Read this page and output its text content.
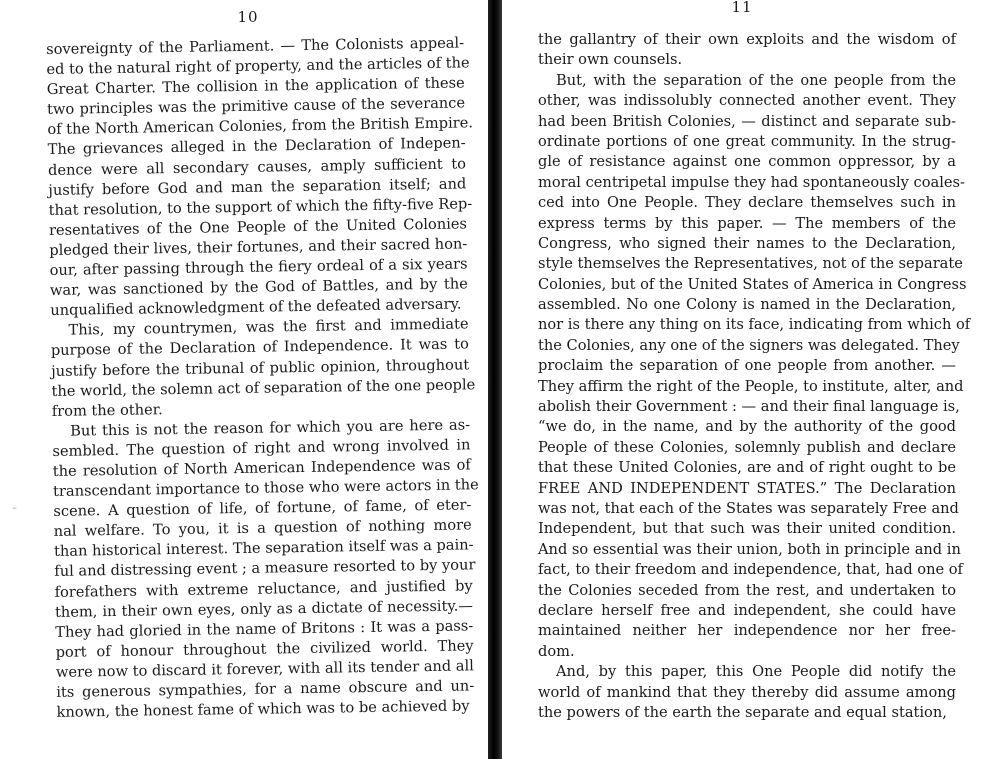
10
sovereignty of the Parliament. — The Colonists appeal-
ed to the natural right of property, and the articles of the
Great Charter. The collision in the application of these
two principles was the primitive cause of the severance
of the North American Colonies, from the British Empire.
The grievances alleged in the Declaration of Indepen-
dence were all secondary causes, amply sufficient to
justify before God and man the separation itself; and
that resolution, to the support of which the fifty-five Rep-
resentatives of the One People of the United Colonies
pledged their lives, their fortunes, and their sacred hon-
our, after passing through the fiery ordeal of a six years
war, was sanctioned by the God of Battles, and by the
unqualified acknowledgment of the defeated adversary.
This, my countrymen, was the first and immediate
purpose of the Declaration of Independence. It was to
justify before the tribunal of public opinion, throughout
the world, the solemn act of separation of the one people
from the other.
But this is not the reason for which you are here as-
sembled. The question of right and wrong involved in
the resolution of North American Independence was of
transcendant importance to those who were actors in the
scene. A question of life, of fortune, of fame, of eter-
nal welfare. To you, it is a question of nothing more
than historical interest. The separation itself was a pain-
ful and distressing event ; a measure resorted to by your
forefathers with extreme reluctance, and justified by
them, in their own eyes, only as a dictate of necessity.—
They had gloried in the name of Britons : It was a pass-
port of honour throughout the civilized world. They
were now to discard it forever, with all its tender and all
its generous sympathies, for a name obscure and un-
known, the honest fame of which was to be achieved by
11
the gallantry of their own exploits and the wisdom of
their own counsels.
But, with the separation of the one people from the
other, was indissolubly connected another event. They
had been British Colonies, — distinct and separate sub-
ordinate portions of one great community. In the strug-
gle of resistance against one common oppressor, by a
moral centripetal impulse they had spontaneously coales-
ced into One People. They declare themselves such in
express terms by this paper. — The members of the
Congress, who signed their names to the Declaration,
style themselves the Representatives, not of the separate
Colonies, but of the United States of America in Congress
assembled. No one Colony is named in the Declaration,
nor is there any thing on its face, indicating from which of
the Colonies, any one of the signers was delegated. They
proclaim the separation of one people from another. —
They affirm the right of the People, to institute, alter, and
abolish their Government : — and their final language is,
“we do, in the name, and by the authority of the good
People of these Colonies, solemnly publish and declare
that these United Colonies, are and of right ought to be
FREE AND INDEPENDENT STATES.” The Declaration
was not, that each of the States was separately Free and
Independent, but that such was their united condition.
And so essential was their union, both in principle and in
fact, to their freedom and independence, that, had one of
the Colonies seceded from the rest, and undertaken to
declare herself free and independent, she could have
maintained neither her independence nor her free-
dom.
And, by this paper, this One People did notify the
world of mankind that they thereby did assume among
the powers of the earth the separate and equal station,
~
